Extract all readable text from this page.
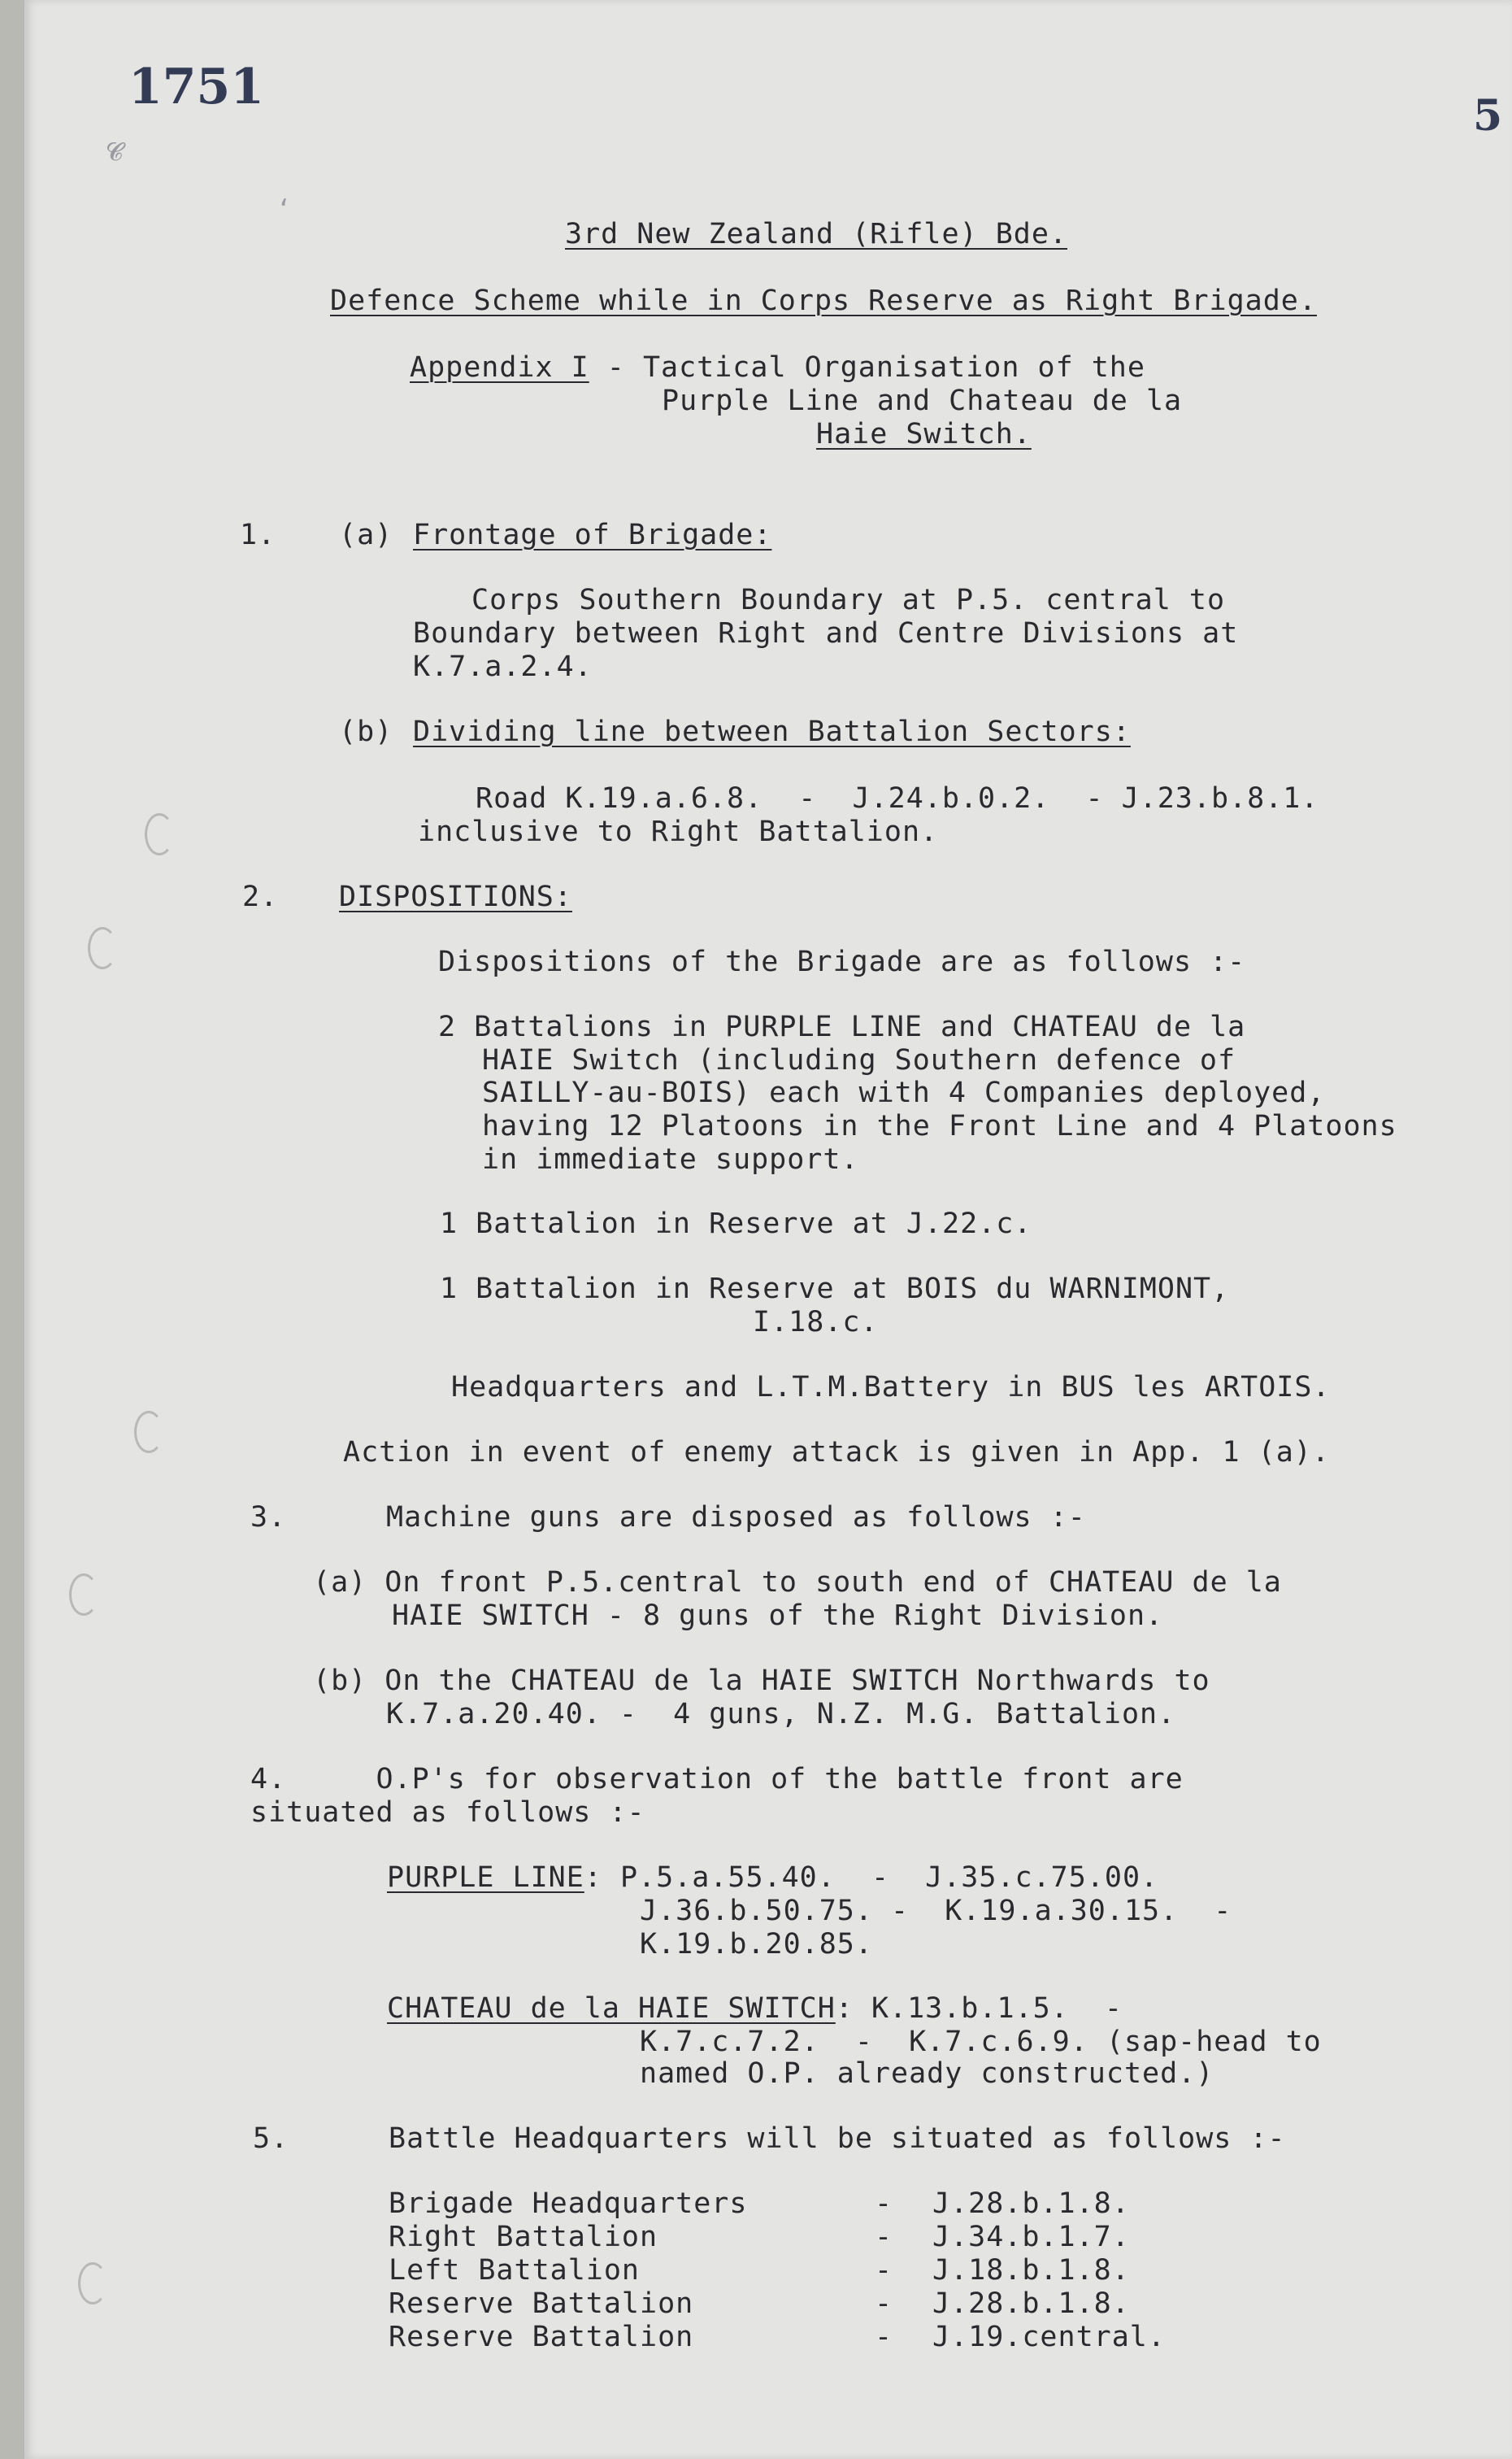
1751
5
𝓒
‘
3rd New Zealand (Rifle) Bde.
Defence Scheme while in Corps Reserve as Right Brigade.
Appendix I - Tactical Organisation of the
Purple Line and Chateau de la
Haie Switch.
1. (a) Frontage of Brigade:
Corps Southern Boundary at P.5. central to
Boundary between Right and Centre Divisions at
K.7.a.2.4.
(b) Dividing line between Battalion Sectors:
Road K.19.a.6.8.  -  J.24.b.0.2.  - J.23.b.8.1.
inclusive to Right Battalion.
2. DISPOSITIONS:
Dispositions of the Brigade are as follows :-
2 Battalions in PURPLE LINE and CHATEAU de la
HAIE Switch (including Southern defence of
SAILLY-au-BOIS) each with 4 Companies deployed,
having 12 Platoons in the Front Line and 4 Platoons
in immediate support.
1 Battalion in Reserve at J.22.c.
1 Battalion in Reserve at BOIS du WARNIMONT,
I.18.c.
Headquarters and L.T.M.Battery in BUS les ARTOIS.
Action in event of enemy attack is given in App. 1 (a).
3.	Machine guns are disposed as follows :-
(a) On front P.5.central to south end of CHATEAU de la
HAIE SWITCH - 8 guns of the Right Division.
(b) On the CHATEAU de la HAIE SWITCH Northwards to
K.7.a.20.40. -  4 guns, N.Z. M.G. Battalion.
4.	O.P's for observation of the battle front are
situated as follows :-
PURPLE LINE: P.5.a.55.40.  -  J.35.c.75.00.
J.36.b.50.75. -  K.19.a.30.15.  -
K.19.b.20.85.
CHATEAU de la HAIE SWITCH: K.13.b.1.5.  -
K.7.c.7.2.  -  K.7.c.6.9. (sap-head to
named O.P. already constructed.)
5.	Battle Headquarters will be situated as follows :-
Brigade Headquarters	- J.28.b.1.8.
Right Battalion	- J.34.b.1.7.
Left Battalion	- J.18.b.1.8.
Reserve Battalion	- J.28.b.1.8.
Reserve Battalion	- J.19.central.
